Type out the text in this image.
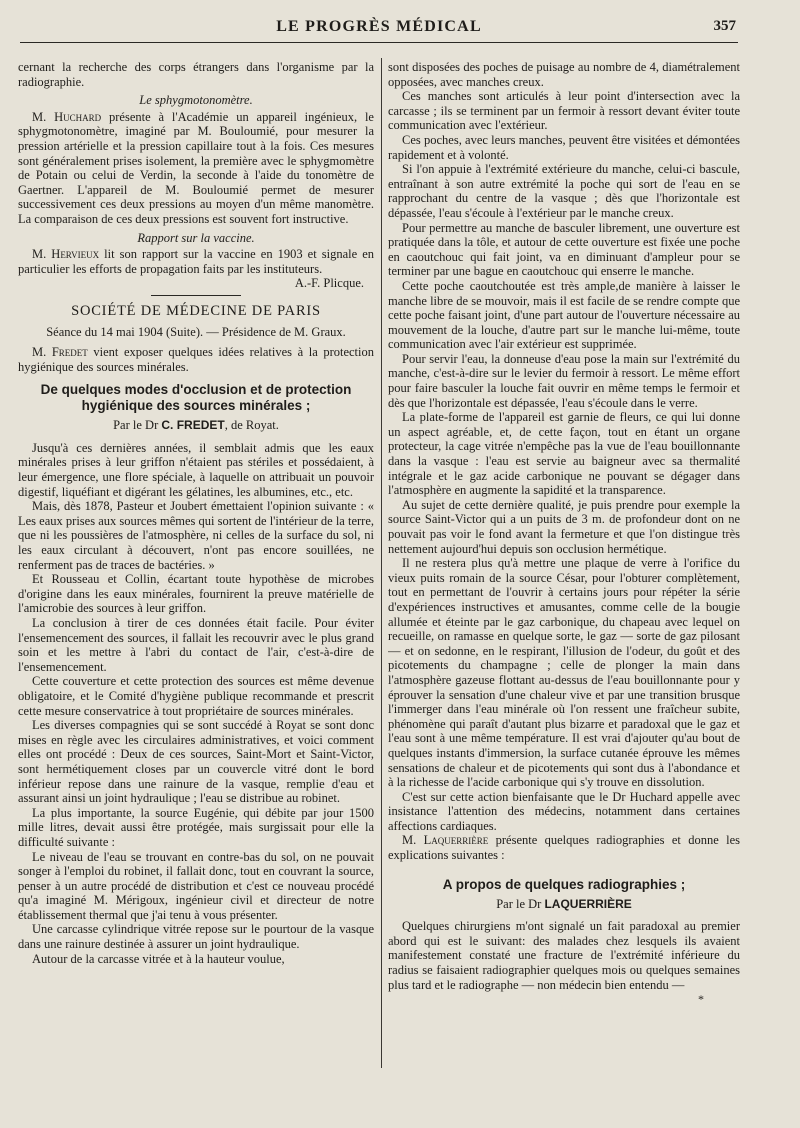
LE PROGRÈS MÉDICAL	357

cernant la recherche des corps étrangers dans l'organisme par la radiographie.

Le sphygmotonomètre.

M. Huchard présente à l'Académie un appareil ingénieux, le sphygmotonomètre, imaginé par M. Bouloumié, pour mesurer la pression artérielle et la pression capillaire tout à la fois. Ces mesures sont généralement prises isolement, la première avec le sphygmomètre de Potain ou celui de Verdin, la seconde à l'aide du tonomètre de Gaertner. L'appareil de M. Bouloumié permet de mesurer successivement ces deux pressions au moyen d'un même manomètre. La comparaison de ces deux pressions est souvent fort instructive.

Rapport sur la vaccine.

M. Hervieux lit son rapport sur la vaccine en 1903 et signale en particulier les efforts de propagation faits par les instituteurs.

A.-F. Plicque.
SOCIÉTÉ DE MÉDECINE DE PARIS

Séance du 14 mai 1904 (Suite). — Présidence de M. Graux.

M. Fredet vient exposer quelques idées relatives à la protection hygiénique des sources minérales.

De quelques modes d'occlusion et de protection hygiénique des sources minérales ;

Par le Dr C. FREDET, de Royat.

Jusqu'à ces dernières années, il semblait admis que les eaux minérales prises à leur griffon n'étaient pas stériles et possédaient, à leur émergence, une flore spéciale, à laquelle on attribuait un pouvoir digestif, liquéfiant et digérant les gélatines, les albumines, etc., etc.

Mais, dès 1878, Pasteur et Joubert émettaient l'opinion suivante : « Les eaux prises aux sources mêmes qui sortent de l'intérieur de la terre, que ni les poussières de l'atmosphère, ni celles de la surface du sol, ni les eaux circulant à découvert, n'ont pas encore souillées, ne renferment pas de traces de bactéries. »

Et Rousseau et Collin, écartant toute hypothèse de microbes d'origine dans les eaux minérales, fournirent la preuve matérielle de l'amicrobie des sources à leur griffon.

La conclusion à tirer de ces données était facile. Pour éviter l'ensemencement des sources, il fallait les recouvrir avec le plus grand soin et les mettre à l'abri du contact de l'air, c'est-à-dire de l'ensemencement.

Cette couverture et cette protection des sources est même devenue obligatoire, et le Comité d'hygiène publique recommande et prescrit cette mesure conservatrice à tout propriétaire de sources minérales.

Les diverses compagnies qui se sont succédé à Royat se sont donc mises en règle avec les circulaires administratives, et voici comment elles ont procédé : Deux de ces sources, Saint-Mort et Saint-Victor, sont hermétiquement closes par un couvercle vitré dont le bord inférieur repose dans une rainure de la vasque, remplie d'eau et assurant ainsi un joint hydraulique ; l'eau se distribue au robinet.

La plus importante, la source Eugénie, qui débite par jour 1500 mille litres, devait aussi être protégée, mais surgissait pour elle la difficulté suivante :

Le niveau de l'eau se trouvant en contre-bas du sol, on ne pouvait songer à l'emploi du robinet, il fallait donc, tout en couvrant la source, penser à un autre procédé de distribution et c'est ce nouveau procédé qu'a imaginé M. Mérigoux, ingénieur civil et directeur de notre établissement thermal que j'ai tenu à vous présenter.

Une carcasse cylindrique vitrée repose sur le pourtour de la vasque dans une rainure destinée à assurer un joint hydraulique.

Autour de la carcasse vitrée et à la hauteur voulue,

sont disposées des poches de puisage au nombre de 4, diamétralement opposées, avec manches creux.

Ces manches sont articulés à leur point d'intersection avec la carcasse ; ils se terminent par un fermoir à ressort devant éviter toute communication avec l'extérieur.

Ces poches, avec leurs manches, peuvent être visitées et démontées rapidement et à volonté.

Si l'on appuie à l'extrémité extérieure du manche, celui-ci bascule, entraînant à son autre extrémité la poche qui sort de l'eau en se rapprochant du centre de la vasque ; dès que l'horizontale est dépassée, l'eau s'écoule à l'extérieur par le manche creux.

Pour permettre au manche de basculer librement, une ouverture est pratiquée dans la tôle, et autour de cette ouverture est fixée une poche en caoutchouc qui fait joint, va en diminuant d'ampleur pour se terminer par une bague en caoutchouc qui enserre le manche.

Cette poche caoutchoutée est très ample,de manière à laisser le manche libre de se mouvoir, mais il est facile de se rendre compte que cette poche faisant joint, d'une part autour de l'ouverture nécessaire au mouvement de la louche, d'autre part sur le manche lui-même, toute communication avec l'air extérieur est supprimée.

Pour servir l'eau, la donneuse d'eau pose la main sur l'extrémité du manche, c'est-à-dire sur le levier du fermoir à ressort. Le même effort pour faire basculer la louche fait ouvrir en même temps le fermoir et dès que l'horizontale est dépassée, l'eau s'écoule dans le verre.

La plate-forme de l'appareil est garnie de fleurs, ce qui lui donne un aspect agréable, et, de cette façon, tout en étant un organe protecteur, la cage vitrée n'empêche pas la vue de l'eau bouillonnante dans la vasque : l'eau est servie au baigneur avec sa thermalité intégrale et le gaz acide carbonique ne pouvant se dégager dans l'atmosphère en augmente la sapidité et la transparence.

Au sujet de cette dernière qualité, je puis prendre pour exemple la source Saint-Victor qui a un puits de 3 m. de profondeur dont on ne pouvait pas voir le fond avant la fermeture et que l'on distingue très nettement aujourd'hui depuis son occlusion hermétique.

Il ne restera plus qu'à mettre une plaque de verre à l'orifice du vieux puits romain de la source César, pour l'obturer complètement, tout en permettant de l'ouvrir à certains jours pour répéter la série d'expériences instructives et amusantes, comme celle de la bougie allumée et éteinte par le gaz carbonique, du chapeau avec lequel on recueille, on ramasse en quelque sorte, le gaz — sorte de gaz pilosant — et on sedonne, en le respirant, l'illusion de l'odeur, du goût et des picotements du champagne ; celle de plonger la main dans l'atmosphère gazeuse flottant au-dessus de l'eau bouillonnante pour y éprouver la sensation d'une chaleur vive et par une transition brusque l'immerger dans l'eau minérale où l'on ressent une fraîcheur subite, phénomène qui paraît d'autant plus bizarre et paradoxal que le gaz et l'eau sont à une même température. Il est vrai d'ajouter qu'au bout de quelques instants d'immersion, la surface cutanée éprouve les mêmes sensations de chaleur et de picotements qui sont dus à l'abondance et à la richesse de l'acide carbonique qui s'y trouve en dissolution.

C'est sur cette action bienfaisante que le Dr Huchard appelle avec insistance l'attention des médecins, notamment dans certaines affections cardiaques.

M. Laquerrière présente quelques radiographies et donne les explications suivantes :

A propos de quelques radiographies ;

Par le Dr LAQUERRIÈRE

Quelques chirurgiens m'ont signalé un fait paradoxal au premier abord qui est le suivant: des malades chez lesquels ils avaient manifestement constaté une fracture de l'extrémité inférieure du radius se faisaient radiographier quelques mois ou quelques semaines plus tard et le radiographe — non médecin bien entendu —

*
